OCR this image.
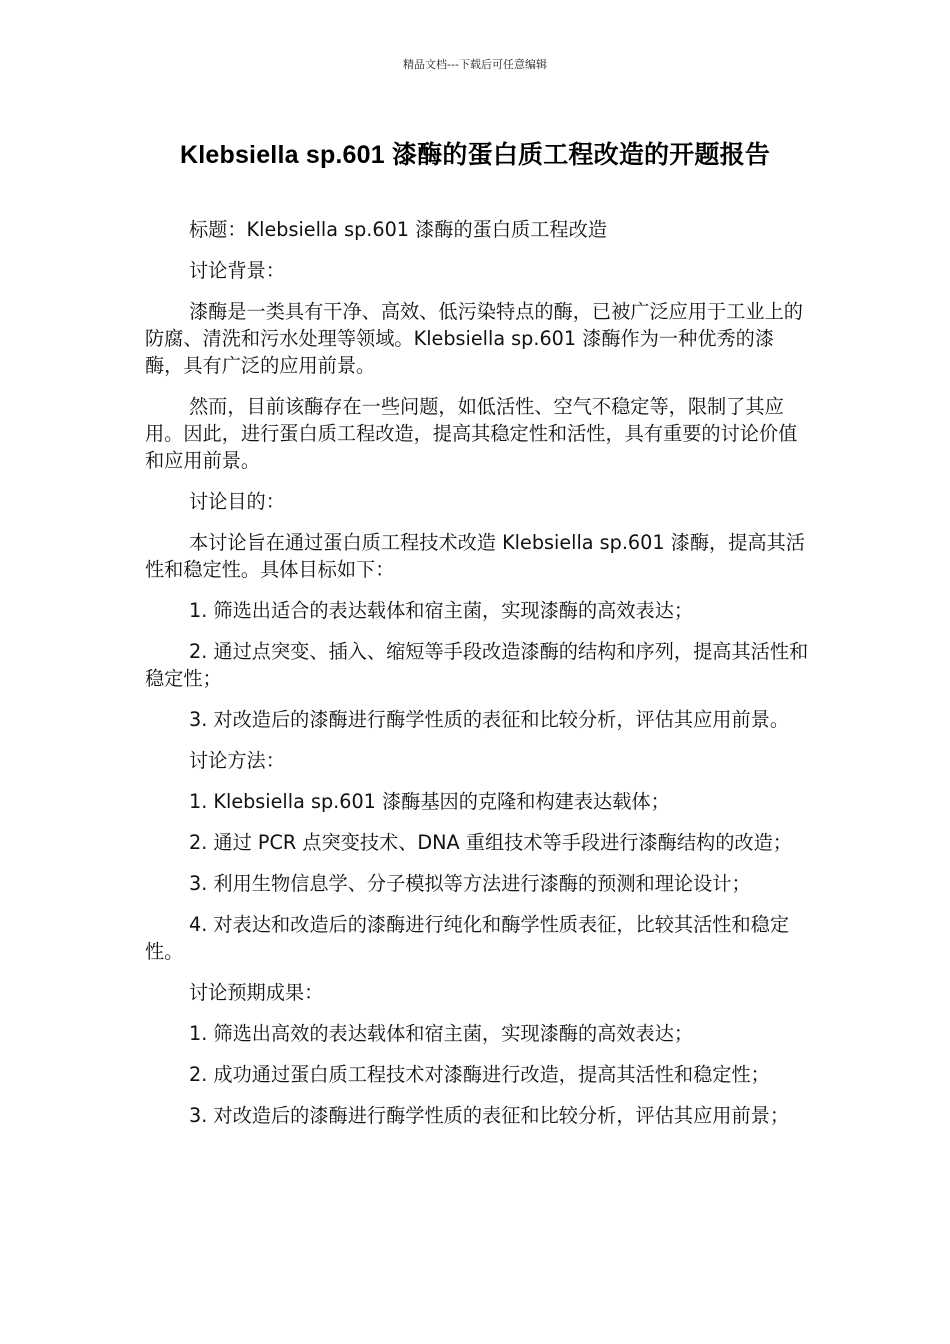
精品文档---下载后可任意编辑
Klebsiella sp.601 漆酶的蛋白质工程改造的开题报告

标题：Klebsiella sp.601 漆酶的蛋白质工程改造

讨论背景：

漆酶是一类具有干净、高效、低污染特点的酶，已被广泛应用于工业上的防腐、清洗和污水处理等领域。Klebsiella sp.601 漆酶作为一种优秀的漆酶，具有广泛的应用前景。

然而，目前该酶存在一些问题，如低活性、空气不稳定等，限制了其应用。因此，进行蛋白质工程改造，提高其稳定性和活性，具有重要的讨论价值和应用前景。

讨论目的：

本讨论旨在通过蛋白质工程技术改造 Klebsiella sp.601 漆酶，提高其活性和稳定性。具体目标如下：

1. 筛选出适合的表达载体和宿主菌，实现漆酶的高效表达；

2. 通过点突变、插入、缩短等手段改造漆酶的结构和序列，提高其活性和稳定性；

3. 对改造后的漆酶进行酶学性质的表征和比较分析，评估其应用前景。

讨论方法：

1. Klebsiella sp.601 漆酶基因的克隆和构建表达载体；

2. 通过 PCR 点突变技术、DNA 重组技术等手段进行漆酶结构的改造；

3. 利用生物信息学、分子模拟等方法进行漆酶的预测和理论设计；

4. 对表达和改造后的漆酶进行纯化和酶学性质表征，比较其活性和稳定性。

讨论预期成果：

1. 筛选出高效的表达载体和宿主菌，实现漆酶的高效表达；

2. 成功通过蛋白质工程技术对漆酶进行改造，提高其活性和稳定性；

3. 对改造后的漆酶进行酶学性质的表征和比较分析，评估其应用前景；
